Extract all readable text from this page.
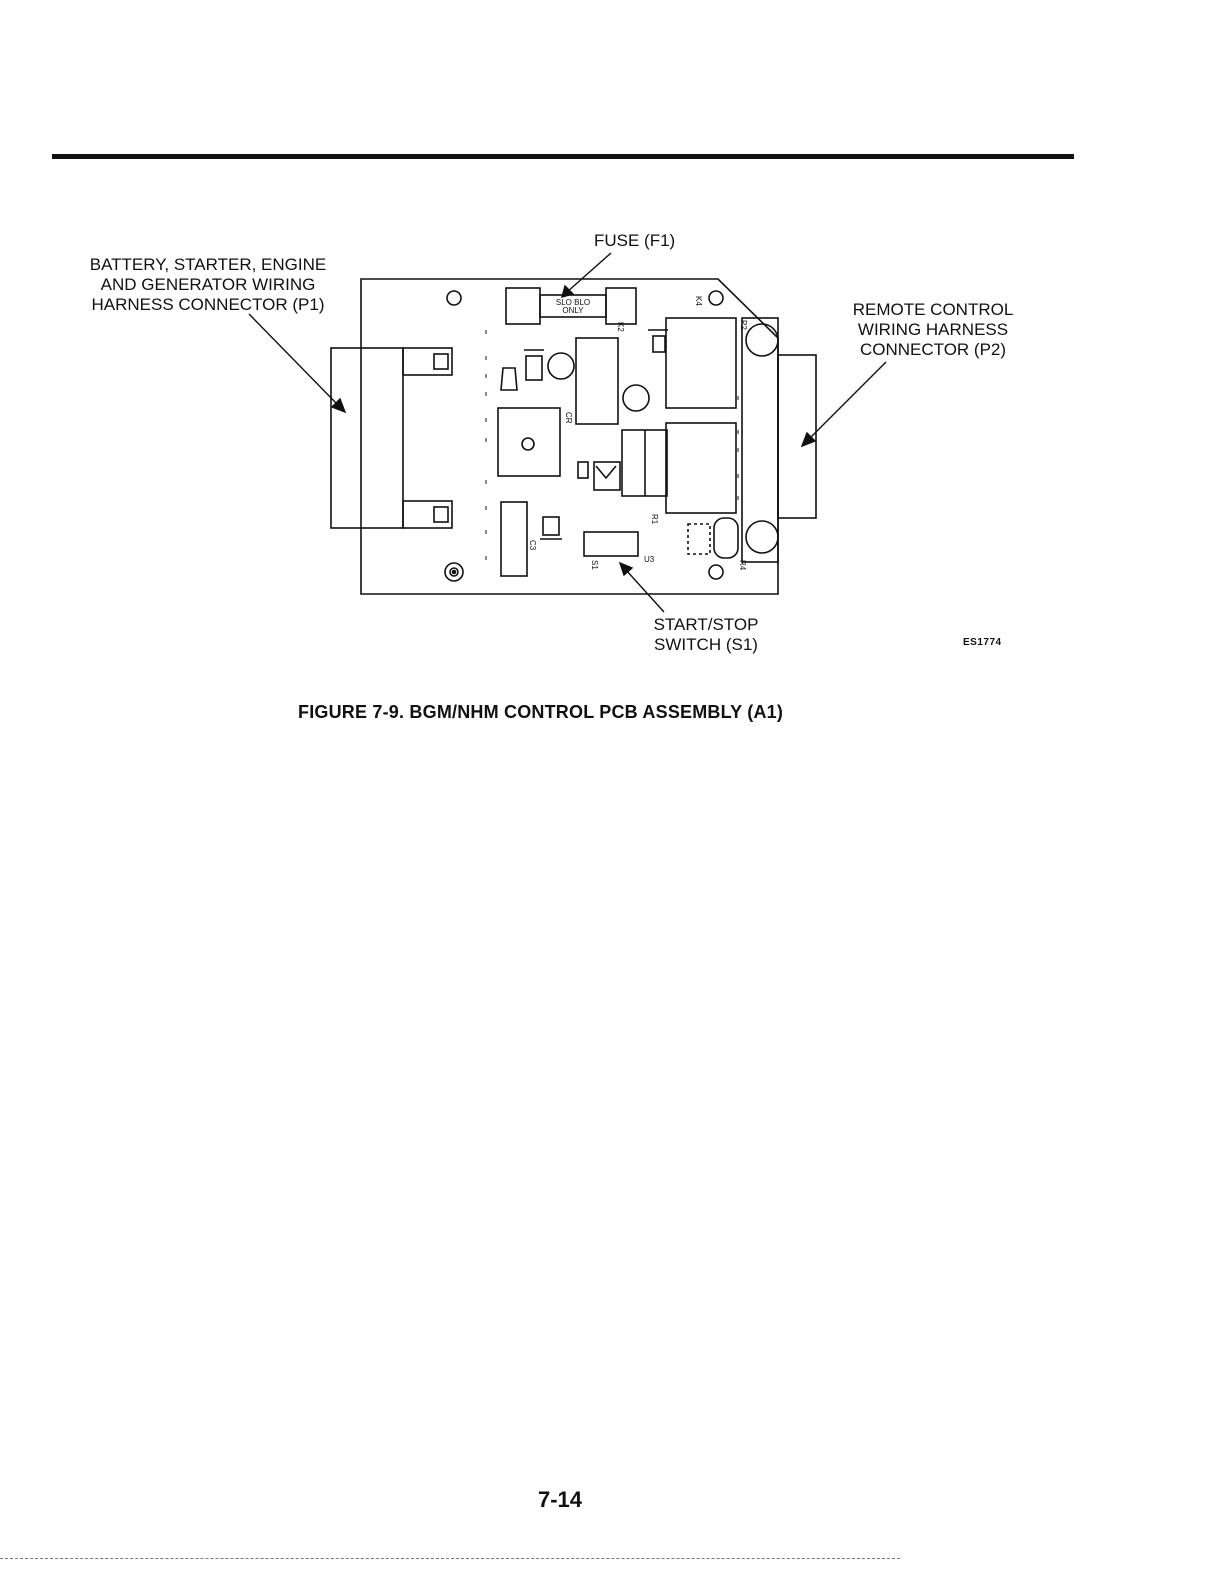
SLO BLO
ONLY
P2
R4
R1
CR
K2
K4
C3
S1
U3
FUSE (F1)
BATTERY, STARTER, ENGINE
AND GENERATOR WIRING
HARNESS CONNECTOR (P1)	REMOTE CONTROL
WIRING HARNESS
CONNECTOR (P2)
START/STOP
SWITCH (S1)	ES1774
FIGURE 7-9. BGM/NHM CONTROL PCB ASSEMBLY (A1)
7-14
